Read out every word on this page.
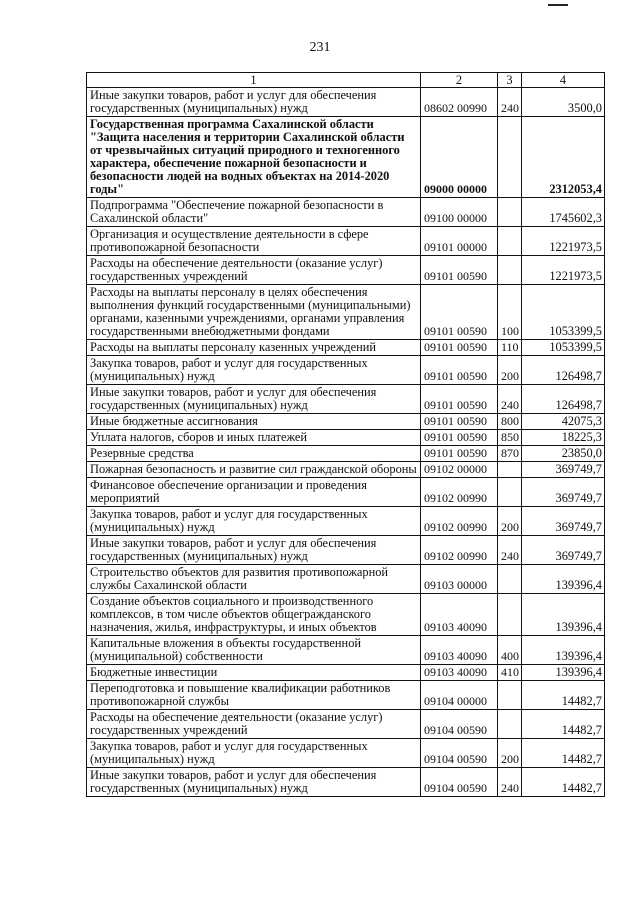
231
1	2	3	4
Иные закупки товаров, работ и услуг для обеспечения государственных (муниципальных) нужд	08602 00990	240	3500,0
Государственная программа Сахалинской области "Защита населения и территории Сахалинской области от чрезвычайных ситуаций природного и техногенного характера, обеспечение пожарной безопасности и безопасности людей на водных объектах на 2014-2020 годы"	09000 00000		2312053,4
Подпрограмма "Обеспечение пожарной безопасности в Сахалинской области"	09100 00000		1745602,3
Организация и осуществление деятельности в сфере противопожарной безопасности	09101 00000		1221973,5
Расходы на обеспечение деятельности (оказание услуг) государственных учреждений	09101 00590		1221973,5
Расходы на выплаты персоналу в целях обеспечения выполнения функций государственными (муниципальными) органами, казенными учреждениями, органами управления государственными внебюджетными фондами	09101 00590	100	1053399,5
Расходы на выплаты персоналу казенных учреждений	09101 00590	110	1053399,5
Закупка товаров, работ и услуг для государственных (муниципальных) нужд	09101 00590	200	126498,7
Иные закупки товаров, работ и услуг для обеспечения государственных (муниципальных) нужд	09101 00590	240	126498,7
Иные бюджетные ассигнования	09101 00590	800	42075,3
Уплата налогов, сборов и иных платежей	09101 00590	850	18225,3
Резервные средства	09101 00590	870	23850,0
Пожарная безопасность и развитие сил гражданской обороны	09102 00000		369749,7
Финансовое обеспечение организации и проведения мероприятий	09102 00990		369749,7
Закупка товаров, работ и услуг для государственных (муниципальных) нужд	09102 00990	200	369749,7
Иные закупки товаров, работ и услуг для обеспечения государственных (муниципальных) нужд	09102 00990	240	369749,7
Строительство объектов для развития противопожарной службы Сахалинской области	09103 00000		139396,4
Создание объектов социального и производственного комплексов, в том числе объектов общегражданского назначения, жилья, инфраструктуры, и иных объектов	09103 40090		139396,4
Капитальные вложения в объекты государственной (муниципальной) собственности	09103 40090	400	139396,4
Бюджетные инвестиции	09103 40090	410	139396,4
Переподготовка и повышение квалификации работников противопожарной службы	09104 00000		14482,7
Расходы на обеспечение деятельности (оказание услуг) государственных учреждений	09104 00590		14482,7
Закупка товаров, работ и услуг для государственных (муниципальных) нужд	09104 00590	200	14482,7
Иные закупки товаров, работ и услуг для обеспечения государственных (муниципальных) нужд	09104 00590	240	14482,7
